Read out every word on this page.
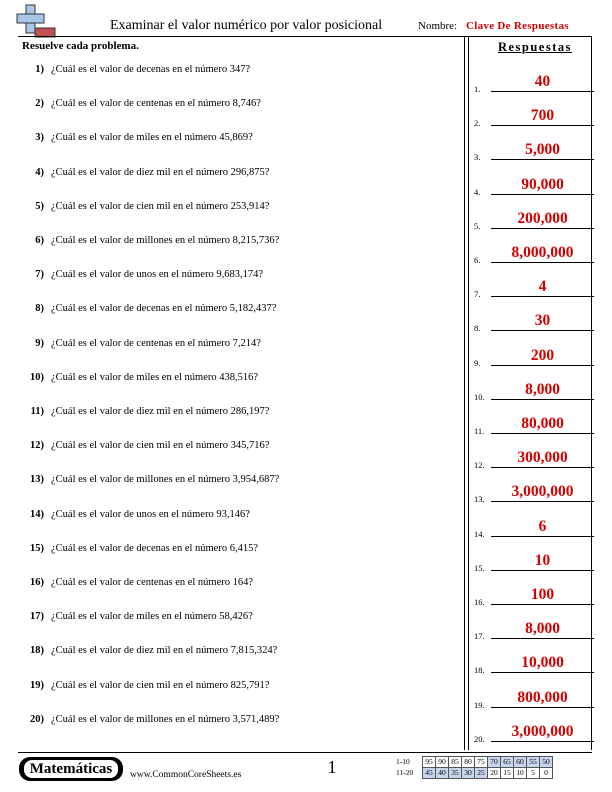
Examinar el valor numérico por valor posicional	Nombre: Clave De Respuestas
Resuelve cada problema.
1) ¿Cuál es el valor de decenas en el número 347?
2) ¿Cuál es el valor de centenas en el número 8,746?
3) ¿Cuál es el valor de miles en el número 45,869?
4) ¿Cuál es el valor de diez mil en el número 296,875?
5) ¿Cuál es el valor de cien mil en el número 253,914?
6) ¿Cuál es el valor de millones en el número 8,215,736?
7) ¿Cuál es el valor de unos en el número 9,683,174?
8) ¿Cuál es el valor de decenas en el número 5,182,437?
9) ¿Cuál es el valor de centenas en el número 7,214?
10) ¿Cuál es el valor de miles en el número 438,516?
11) ¿Cuál es el valor de diez mil en el número 286,197?
12) ¿Cuál es el valor de cien mil en el número 345,716?
13) ¿Cuál es el valor de millones en el número 3,954,687?
14) ¿Cuál es el valor de unos en el número 93,146?
15) ¿Cuál es el valor de decenas en el número 6,415?
16) ¿Cuál es el valor de centenas en el número 164?
17) ¿Cuál es el valor de miles en el número 58,426?
18) ¿Cuál es el valor de diez mil en el número 7,815,324?
19) ¿Cuál es el valor de cien mil en el número 825,791?
20) ¿Cuál es el valor de millones en el número 3,571,489?
Respuestas
1.	40
2.	700
3.	5,000
4.	90,000
5.	200,000
6.	8,000,000
7.	4
8.	30
9.	200
10.	8,000
11.	80,000
12.	300,000
13.	3,000,000
14.	6
15.	10
16.	100
17.	8,000
18.	10,000
19.	800,000
20.	3,000,000
Matemáticas	www.CommonCoreSheets.es	1	1-10	95	90	85	80	75	70	65	60	55	50
11-20	45	40	35	30	25	20	15	10	5	0
